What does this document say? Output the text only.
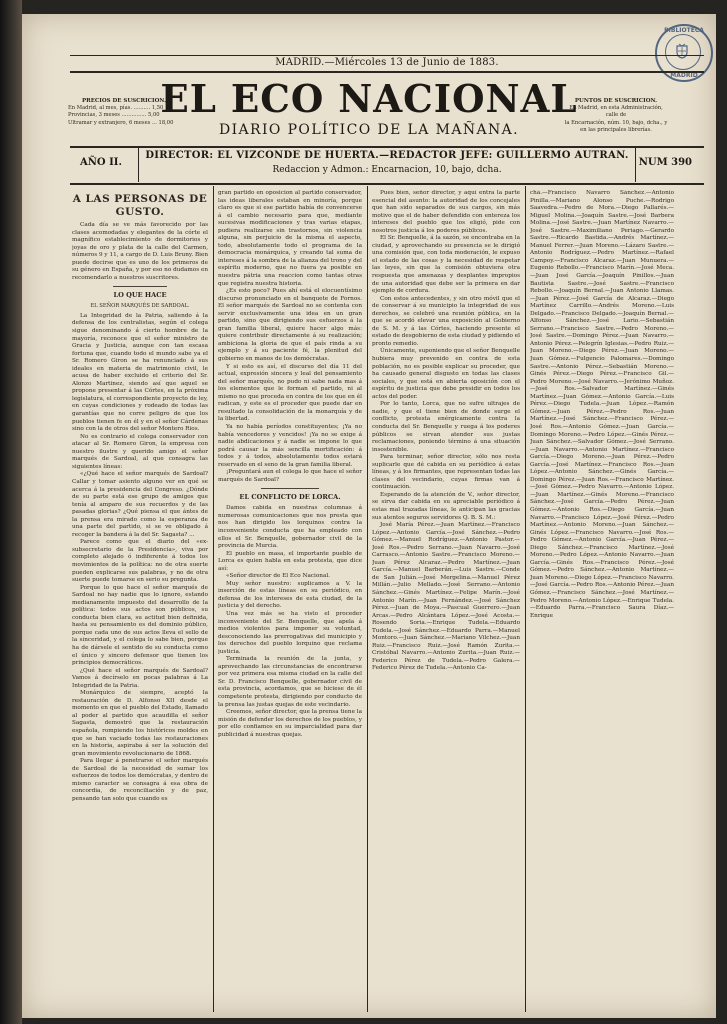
BIBLIOTECA
MADRID
MADRID.—Miércoles 13 de Junio de 1883.
PRECIOS DE SUSCRICION.
En Madrid, al mes, pías. .......... 1,50
Provincias, 3 meses ............... 5,00
Ultramar y extranjero, 6 meses ... 18,00
EL ECO NACIONAL
PUNTOS DE SUSCRICION.
En Madrid, en esta Administración, calle de
la Encarnación, núm. 10, bajo, dcha., y
en las principales librerías.
DIARIO POLÍTICO DE LA MAÑANA.
AÑO II.
DIRECTOR: EL VIZCONDE DE HUERTA.—REDACTOR JEFE: GUILLERMO AUTRAN.
Redaccion y Admon.: Encarnacion, 10, bajo, dcha.
NUM 390

A LAS PERSONAS DE GUSTO.

Cada día se ve más favorecido por las clases acomodadas y elegantes de la córte el magnífico establecimiento de dormitorios y joyas de oro y plata de la calle del Carmen, números 9 y 11, a cargo de D. Luis Bruny. Bien puede decirse que es uno de los primeros de su género en España, y por eso no dudamos en recomendarlo a nuestros suscritores.

LO QUE HACE

EL SEÑOR MARQUÉS DE SARDOAL.

La Integridad de la Patria, saliendo á la defensa de los centralistas, según el colega sigue denominando á cierto hombre de la mayoría, reconoce que el señor ministro de Gracia y Justicia, aunque con tan escasa fortuna que, cuando todo el mundo sabe ya el Sr. Romero Giron se ha renunciado á sus ideales en materia de matrimonio civil, le acusa de haber excluido el criterio del Sr. Alonzo Martinez, siendo así que aquel se propone presentar á las Córtes, en la próxima legislatura, el correspondiente proyecto de ley, en cuyas condiciones y rodeado de todas las garantías que no corre peligro de que los pueblos tienen fe en él y en el señor Cárdenas sino con la de otros del señor Montero Rios.

No es contrario el colega conservador con atacar al Sr. Romero Giron, la empresa con nuestro ilustre y querido amigo el señor marqués de Sardoal, al que consagra las siguientes líneas:

«¿Qué hace el señor marqués de Sardoal? Callar y tomar asiento alguno ver en qué se acerca á la presidencia del Congreso. ¿Dónde de su parte está ese grupo de amigos que tenía al amparo de sus recuerdos y de las pasadas glorias? ¿Qué piensa el que ántes de la prensa era mirado como la esperanza de una parte del partido, si se ve obligado á recoger la bandera á la del Sr. Sagasta? ...

Parece como que el diario del «ex-subsecretario de la Presidencia», viva por completo alejado ó indiferente á todos los movimientos de la política: no de otra suerte pueden explicarse sus palabras, y no de otra suerte puede tomarse en serio su pregunta.

Porque lo que hace el señor marqués de Sardoal no hay nadie que lo ignore, estando medianamente impuesto del desarrollo de la política: todos sus actos son públicos, su conducta bien clara, su actitud bien definida, hasta su pensamiento es del dominio público, porque cada uno de sus actos lleva el sello de la sinceridad, y el colega lo sabe bien, porque ha de dársele el sentido de su conducta como el único y sincero defensor que tienen los principios democráticos.

¿Qué hace el señor marqués de Sardoal? Vamos á decírselo en pocas palabras á La Integridad de la Patria.

Monárquico de siempre, aceptó la restauración de D. Alfonso XII desde el momento en que el pueblo del Estado, llamado al poder al partido que acaudilla el señor Sagasta, demostró que la restauración española, rompiendo los históricos moldes en que se han vaciado todas las restauraciones en la historia, aspiraba á ser la solución del gran movimiento revolucionario de 1868.

Para llegar á penetrarse el señor marqués de Sardoal de la necesidad de sumar los esfuerzos de todos los demócratas, y dentro de mismo caracter se consagra á esa obra de concordia, de reconciliación y de paz, pensando tan solo que cuando es

gran partido en oposicion al partido conservador, las ideas liberales estaban en minoría, porque claro es que si ese partido había de convencerse á el cambio necesario para que, mediante sucesivas modificaciones y tras varias etapas, pudiera realizarse sin trastornos, sin violencia alguna, sin perjuicio de la misma el aspecto, todo, absolutamente todo el programa de la democracia monárquica, y creando tal suma de intereses á la sombra de la alianza del trono y del espíritu moderno, que no fuera ya posible en nuestra pátria una reaccion como tantas otras que registra nuestra historia.

¿Es esto poco? Pues ahí está el elocuentísimo discurso pronunciado en el banquete de Fornos. El señor marqués de Sardoal no se contenta con servir exclusivamente una idea en un gran partido, sino que dirigiendo sus esfuerzos á la gran familia liberal, quiere hacer algo más: quiere contribuir directamente á su realización; ambiciona la gloria de que el país rinda a su ejemplo y á su paciente fé, la plenitud del gobierno en manos de los demócratas.

Y si esto es así, el discurso del día 11 del actual, expresión sincera y leal del pensamiento del señor marqués, no pudo ni sabe nada mas á los elementos que le forman el partido, ni al mismo no que proceda en contra de los que en él radican, y este es el proceder que puede dar en resultado la consolidación de la monarquía y de la libertad.

Ya no había períodos constituyentes; ¡Ya no había vencedores y vencidos! ¡Ya no se exige á nadie abdicaciones y á nadie se impone lo que podrá causar la más sencilla mortificación: á todos y á todos, absolutamente todos estará reservado en el seno de la gran familia liberal.

¡Preguntará aun el colega lo que hace el señor marqués de Sardoal?

EL CONFLICTO DE LORCA.

Damos cabida en nuestras columnas á numerosas comunicaciones que nos presta que nos han dirigido los lorquinos contra la inconveniente conducta que ha empleado con ellos el Sr. Benquelle, gobernador civil de la provincia de Murcia.

El pueblo en masa, el importante pueblo de Lorca es quien habla en esta protesta, que dice así:

«Señor director de El Eco Nacional.

Muy señor nuestro: suplicamos a V. la inserción de estas líneas en su periódico, en defensa de los intereses de esta ciudad, de la justicia y del derecho.

Una vez más se ha visto el proceder inconveniente del Sr. Benquelle, que apela á medios violentos para imponer su voluntad, desconociendo las prerrogativas del municipio y los derechos del pueblo lorquino que reclama justicia.

Terminada la reunión de la junta, y aprovechando las circunstancias de encontrarse por vez primera esa misma ciudad en la calle del Sr. D. Francisco Benquelle, gobernador civil de esta provincia, acordamos, que se hiciese de él competente protesta, dirigiendo por conducto de la prensa las justas quejas de este vecindario.

Creemos, señor director, que la prensa tiene la misión de defender los derechos de los pueblos, y por ello confiamos en su imparcialidad para dar publicidad á nuestras quejas.

Pues bien, señor director, y aquí entra la parte esencial del asunto: la autoridad de los concejales que han sido separados de sus cargos, sin más motivo que el de haber defendido con entereza los intereses del pueblo que los eligió, pide con nosotros justicia á los poderes públicos.

El Sr. Benquelle, á la sazón, se encontraba en la ciudad, y aprovechando su presencia se le dirigió una comisión que, con toda moderación, le expuso el estado de las cosas y la necesidad de respetar las leyes, sin que la comisión obtuviera otra respuesta que amenazas y desplantes impropios de una autoridad que debe ser la primera en dar ejemplo de cordura.

Con estos antecedentes, y sin otro móvil que el de conservar á su municipio la integridad de sus derechos, se celebró una reunión pública, en la que se acordó elevar una exposición al Gobierno de S. M. y á las Córtes, haciendo presente el estado de desgobierno de esta ciudad y pidiendo el pronto remedio.

Únicamente, suponiendo que el señor Benquelle hubiera muy prevenido en contra de esta población, no es posible explicar su proceder, que ha causado general disgusto en todas las clases sociales, y que está en abierta oposición con el espíritu de justicia que debe presidir en todos los actos del poder.

Por lo tanto, Lorca, que no sufre ultrajes de nadie, y que el tiene bien de donde surge el conflicto, protesta enérgicamente contra la conducta del Sr. Benquelle y ruega á los poderes públicos se sirvan atender sus justas reclamaciones, poniendo término á una situación insostenible.

Para terminar, señor director, sólo nos resta suplicarle que dé cabida en su periódico á estas líneas, y á los firmantes, que representan todas las clases del vecindario, cuyas firmas van á continuación.

Esperando de la atención de V., señor director, se sirva dar cabida en su apreciable periódico á estas mal trazadas líneas, le anticipan las gracias sus atentos seguros servidores Q. B. S. M.:

José María Pérez.—Juan Martínez.—Francisco López.—Antonio García.—José Sánchez.—Pedro Gómez.—Manuel Rodríguez.—Antonio Pastor.—José Ros.—Pedro Serrano.—Juan Navarro.—José Carrasco.—Antonio Sastre.—Francisco Moreno.—Juan Pérez Alcaraz.—Pedro Martínez.—Juan García.—Manuel Barberán.—Luis Sastre.—Conde de San Julián.—José Mergelina.—Manuel Pérez Millán.—Julio Mellado.—José Serrano.—Antonio Sánchez.—Ginés Martínez.—Felipe Marín.—José Antonio Marín.—Juan Fernández.—José Sánchez Pérez.—Juan de Moya.—Pascual Guerrero.—Juan Arcas.—Pedro Alcántara López.—José Acosta.—Rosendo Soria.—Enrique Tudela.—Eduardo Tudela.—José Sánchez.—Eduardo Parra.—Manuel Montoro.—Juan Sánchez.—Mariano Vilchez.—Juan Ruiz.—Francisco Ruiz.—José Ramón Zurita.—Cristóbal Navarro.—Antonio Zurita.—Juan Ruiz.—Federico Pérez de Tudela.—Pedro Galera.—Federico Pérez de Tudela.—Antonio Ca-

chá.—Francisco Navarro Sánchez.—Antonio Pinilla.—Mariano Alonso Puche.—Rodrigo Saavedra.—Pedro de Mora.—Diego Pallarés.—Miguel Molina.—Joaquín Sastre.—José Barbera Molina.—José Sastre.—Juan Martínez Navarro.—José Sastre.—Maximiliano Periago.—Gerardo Sastre.—Ricardo Bastida.—Andrés Martínez.—Manuel Ferrer.—Juan Moreno.—Lázaro Sastre.—Antonio Rodríguez.—Pedro Martínez.—Rafael Campoy.—Francisco Alcaraz.—Juan Munuera.—Eugenio Rebollo.—Francisco Marín.—José Meca.—Juan José García.—Joaquín Pinillos.—Juan Bautista Sastre.—José Sastre.—Francisco Rebollo.—Joaquín Bernal.—Juan Antonio Llamas.—Juan Pérez.—José García de Alcaraz.—Diego Martínez Carrillo.—Andrés Moreno.—Luis Delgado.—Francisco Delgado.—Joaquín Bernal.—Alfonso Sánchez.—José Lario.—Sebastián Serrano.—Francisco Sastre.—Pedro Moreno.—José Sastre.—Domingo Pérez.—Juan Navarro.—Antonio Pérez.—Pelegrín Iglesias.—Pedro Ruiz.—Juan Moreno.—Diego Pérez.—Juan Moreno.—Juan Gómez.—Fulgencio Palomares.—Domingo Sastre.—Antonio Pérez.—Sebastián Moreno.—Ginés Pérez.—Diego Pérez.—Francisco Gil.—Pedro Moreno.—José Navarro.—Jerónimo Muñoz.—José Ros.—Salvador Martínez.—Ginés Martínez.—Juan Gómez.—Antonio García.—Luis Pérez.—Diego Tudela.—Juan López.—Ramón Gómez.—Juan Pérez.—Pedro Ros.—Juan Martínez.—José Sánchez.—Francisco Pérez.—José Ros.—Antonio Gómez.—Juan García.—Domingo Moreno.—Pedro López.—Ginés Pérez.—Juan Sánchez.—Salvador Gómez.—José Serrano.—Juan Navarro.—Antonio Martínez.—Francisco García.—Diego Moreno.—Juan Pérez.—Pedro García.—José Martínez.—Francisco Ros.—Juan López.—Antonio Sánchez.—Ginés García.—Domingo Pérez.—Juan Ros.—Francisco Martínez.—José Gómez.—Pedro Navarro.—Antonio López.—Juan Martínez.—Ginés Moreno.—Francisco Sánchez.—José García.—Pedro Pérez.—Juan Gómez.—Antonio Ros.—Diego García.—Juan Navarro.—Francisco López.—José Pérez.—Pedro Martínez.—Antonio Moreno.—Juan Sánchez.—Ginés López.—Francisco Navarro.—José Ros.—Pedro Gómez.—Antonio García.—Juan Pérez.—Diego Sánchez.—Francisco Martínez.—José Moreno.—Pedro López.—Antonio Navarro.—Juan García.—Ginés Ros.—Francisco Pérez.—José Gómez.—Pedro Sánchez.—Antonio Martínez.—Juan Moreno.—Diego López.—Francisco Navarro.—José García.—Pedro Ros.—Antonio Pérez.—Juan Gómez.—Francisco Sánchez.—José Martínez.—Pedro Moreno.—Antonio López.—Enrique Tudela.—Eduardo Parra.—Francisco Saura Díaz.—Enrique
